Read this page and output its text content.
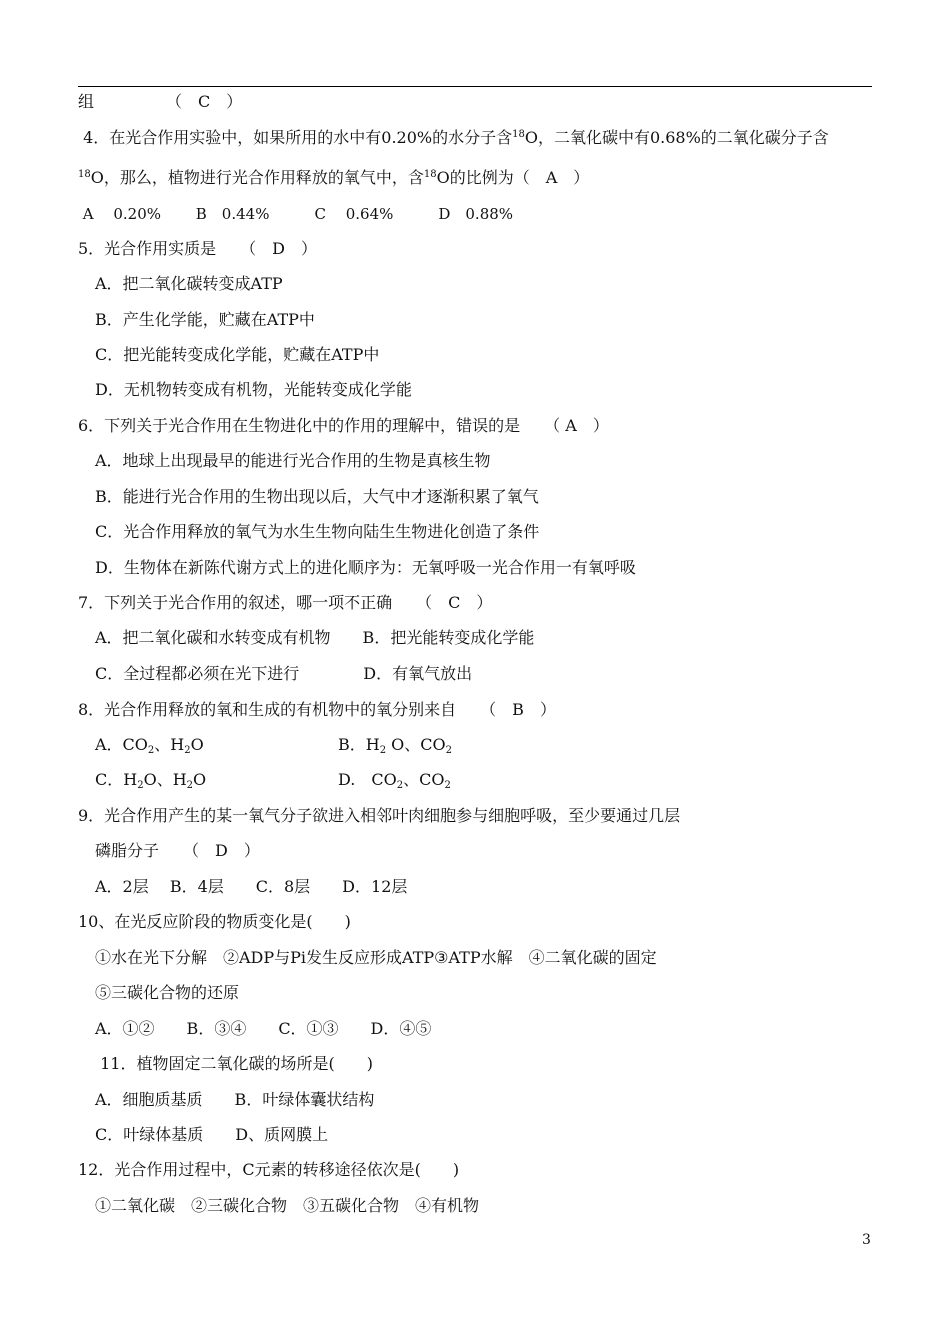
组　　　　　（　C　）
4．在光合作用实验中，如果所用的水中有0.20%的水分子含$^{18}$O，二氧化碳中有0.68%的二氧化碳分子含
$^{18}$O，那么，植物进行光合作用释放的氧气中，含$^{18}$O的比例为（　A　）
A　 0.20%　　 B　0.44%　　　C　 0.64%　　　D　0.88%
5．光合作用实质是　　（　D　）
A．把二氧化碳转变成ATP
B．产生化学能，贮藏在ATP中
C．把光能转变成化学能，贮藏在ATP中
D．无机物转变成有机物，光能转变成化学能
6．下列关于光合作用在生物进化中的作用的理解中，错误的是　　（ A　）
A．地球上出现最早的能进行光合作用的生物是真核生物
B．能进行光合作用的生物出现以后，大气中才逐渐积累了氧气
C．光合作用释放的氧气为水生生物向陆生生物进化创造了条件
D．生物体在新陈代谢方式上的进化顺序为：无氧呼吸一光合作用一有氧呼吸
7．下列关于光合作用的叙述，哪一项不正确　　（　C　）
A．把二氧化碳和水转变成有机物　　B．把光能转变成化学能
C．全过程都必须在光下进行　　　　D．有氧气放出
8．光合作用释放的氧和生成的有机物中的氧分别来自　　（　B　）
A．CO2、H2O	B．H2 O、CO2
C．H2O、H2O	D.　CO2、CO2
9．光合作用产生的某一氧气分子欲进入相邻叶肉细胞参与细胞呼吸，至少要通过几层
磷脂分子　　（　D　）
A．2层　 B．4层　　C．8层　　D．12层
10、在光反应阶段的物质变化是(　　)
①水在光下分解　②ADP与Pi发生反应形成ATP③ATP水解　④二氧化碳的固定
⑤三碳化合物的还原
A．①②　　B．③④　　C．①③　　D．④⑤
11．植物固定二氧化碳的场所是(　　)
A．细胞质基质　　B．叶绿体囊状结构
C．叶绿体基质　　D、质网膜上
12．光合作用过程中，C元素的转移途径依次是(　　)
①二氧化碳　②三碳化合物　③五碳化合物　④有机物
3
